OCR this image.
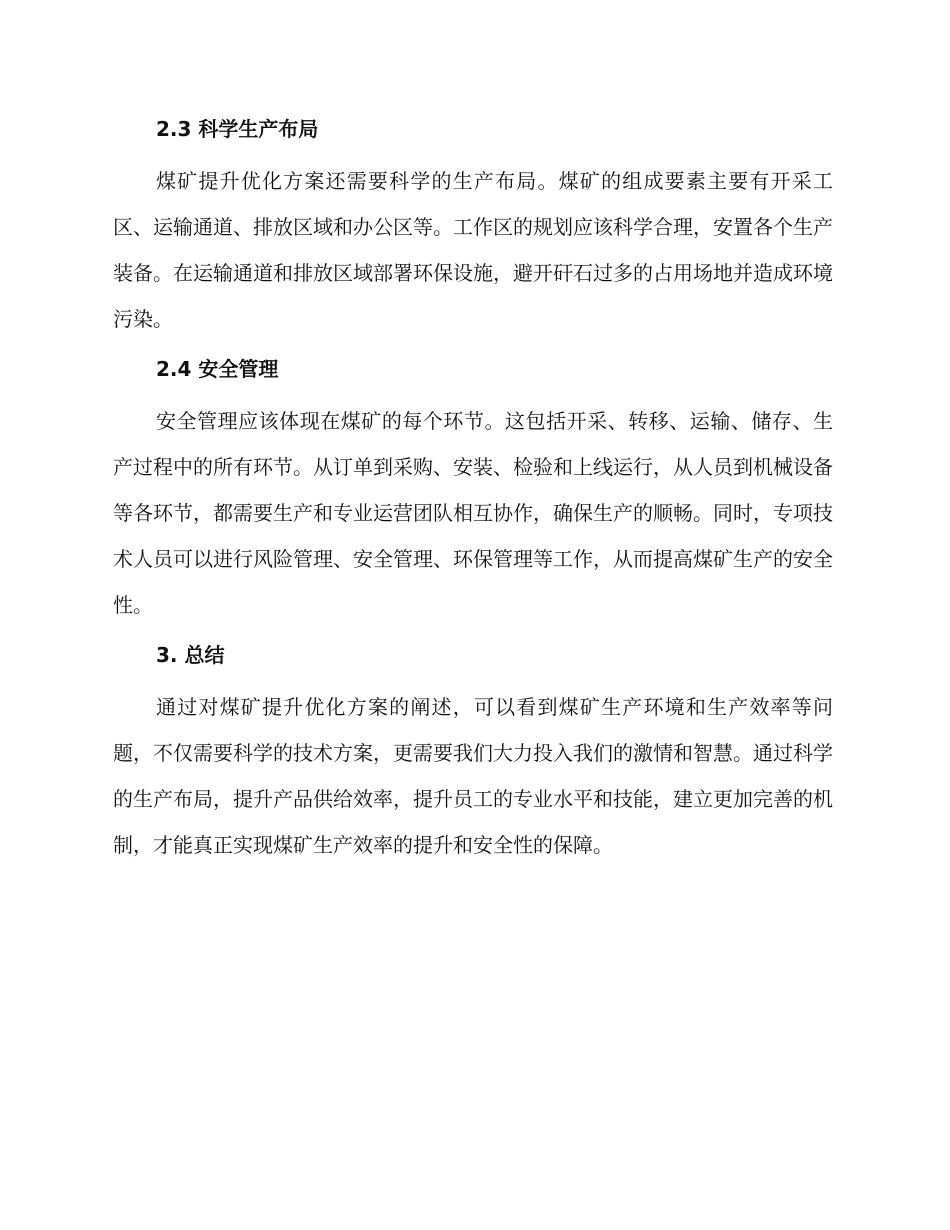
2.3 科学生产布局

煤矿提升优化方案还需要科学的生产布局。煤矿的组成要素主要有开采工区、运输通道、排放区域和办公区等。工作区的规划应该科学合理，安置各个生产装备。在运输通道和排放区域部署环保设施，避开矸石过多的占用场地并造成环境污染。

2.4 安全管理

安全管理应该体现在煤矿的每个环节。这包括开采、转移、运输、储存、生产过程中的所有环节。从订单到采购、安装、检验和上线运行，从人员到机械设备等各环节，都需要生产和专业运营团队相互协作，确保生产的顺畅。同时，专项技术人员可以进行风险管理、安全管理、环保管理等工作，从而提高煤矿生产的安全性。

3. 总结

通过对煤矿提升优化方案的阐述，可以看到煤矿生产环境和生产效率等问题，不仅需要科学的技术方案，更需要我们大力投入我们的激情和智慧。通过科学的生产布局，提升产品供给效率，提升员工的专业水平和技能，建立更加完善的机制，才能真正实现煤矿生产效率的提升和安全性的保障。
